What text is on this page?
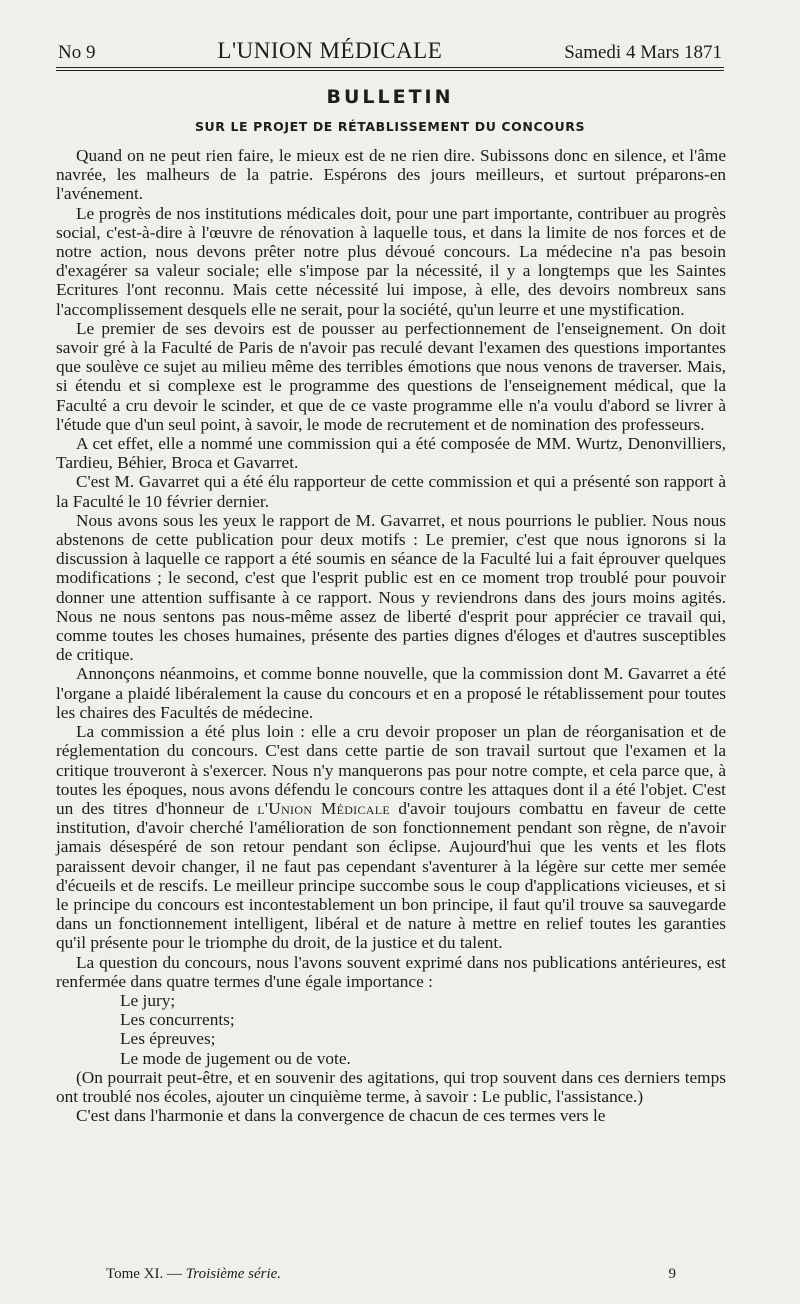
No 9	L'UNION MÉDICALE	Samedi 4 Mars 1871
BULLETIN
SUR LE PROJET DE RÉTABLISSEMENT DU CONCOURS

Quand on ne peut rien faire, le mieux est de ne rien dire. Subissons donc en silence, et l'âme navrée, les malheurs de la patrie. Espérons des jours meilleurs, et surtout préparons-en l'avénement.

Le progrès de nos institutions médicales doit, pour une part importante, contribuer au progrès social, c'est-à-dire à l'œuvre de rénovation à laquelle tous, et dans la limite de nos forces et de notre action, nous devons prêter notre plus dévoué concours. La médecine n'a pas besoin d'exagérer sa valeur sociale; elle s'impose par la nécessité, il y a longtemps que les Saintes Ecritures l'ont reconnu. Mais cette nécessité lui impose, à elle, des devoirs nombreux sans l'accomplissement desquels elle ne serait, pour la société, qu'un leurre et une mystification.

Le premier de ses devoirs est de pousser au perfectionnement de l'enseignement. On doit savoir gré à la Faculté de Paris de n'avoir pas reculé devant l'examen des questions importantes que soulève ce sujet au milieu même des terribles émotions que nous venons de traverser. Mais, si étendu et si complexe est le programme des questions de l'enseignement médical, que la Faculté a cru devoir le scinder, et que de ce vaste programme elle n'a voulu d'abord se livrer à l'étude que d'un seul point, à savoir, le mode de recrutement et de nomination des professeurs.

A cet effet, elle a nommé une commission qui a été composée de MM. Wurtz, Denonvilliers, Tardieu, Béhier, Broca et Gavarret.

C'est M. Gavarret qui a été élu rapporteur de cette commission et qui a présenté son rapport à la Faculté le 10 février dernier.

Nous avons sous les yeux le rapport de M. Gavarret, et nous pourrions le publier. Nous nous abstenons de cette publication pour deux motifs : Le premier, c'est que nous ignorons si la discussion à laquelle ce rapport a été soumis en séance de la Faculté lui a fait éprouver quelques modifications ; le second, c'est que l'esprit public est en ce moment trop troublé pour pouvoir donner une attention suffisante à ce rapport. Nous y reviendrons dans des jours moins agités. Nous ne nous sentons pas nous-même assez de liberté d'esprit pour apprécier ce travail qui, comme toutes les choses humaines, présente des parties dignes d'éloges et d'autres susceptibles de critique.

Annonçons néanmoins, et comme bonne nouvelle, que la commission dont M. Gavarret a été l'organe a plaidé libéralement la cause du concours et en a proposé le rétablissement pour toutes les chaires des Facultés de médecine.

La commission a été plus loin : elle a cru devoir proposer un plan de réorganisation et de réglementation du concours. C'est dans cette partie de son travail surtout que l'examen et la critique trouveront à s'exercer. Nous n'y manquerons pas pour notre compte, et cela parce que, à toutes les époques, nous avons défendu le concours contre les attaques dont il a été l'objet. C'est un des titres d'honneur de l'Union Médicale d'avoir toujours combattu en faveur de cette institution, d'avoir cherché l'amélioration de son fonctionnement pendant son règne, de n'avoir jamais désespéré de son retour pendant son éclipse. Aujourd'hui que les vents et les flots paraissent devoir changer, il ne faut pas cependant s'aventurer à la légère sur cette mer semée d'écueils et de rescifs. Le meilleur principe succombe sous le coup d'applications vicieuses, et si le principe du concours est incontestablement un bon principe, il faut qu'il trouve sa sauvegarde dans un fonctionnement intelligent, libéral et de nature à mettre en relief toutes les garanties qu'il présente pour le triomphe du droit, de la justice et du talent.

La question du concours, nous l'avons souvent exprimé dans nos publications antérieures, est renfermée dans quatre termes d'une égale importance :

Le jury;
Les concurrents;
Les épreuves;
Le mode de jugement ou de vote.

(On pourrait peut-être, et en souvenir des agitations, qui trop souvent dans ces derniers temps ont troublé nos écoles, ajouter un cinquième terme, à savoir : Le public, l'assistance.)

C'est dans l'harmonie et dans la convergence de chacun de ces termes vers le

Tome XI. — Troisième série.	9
